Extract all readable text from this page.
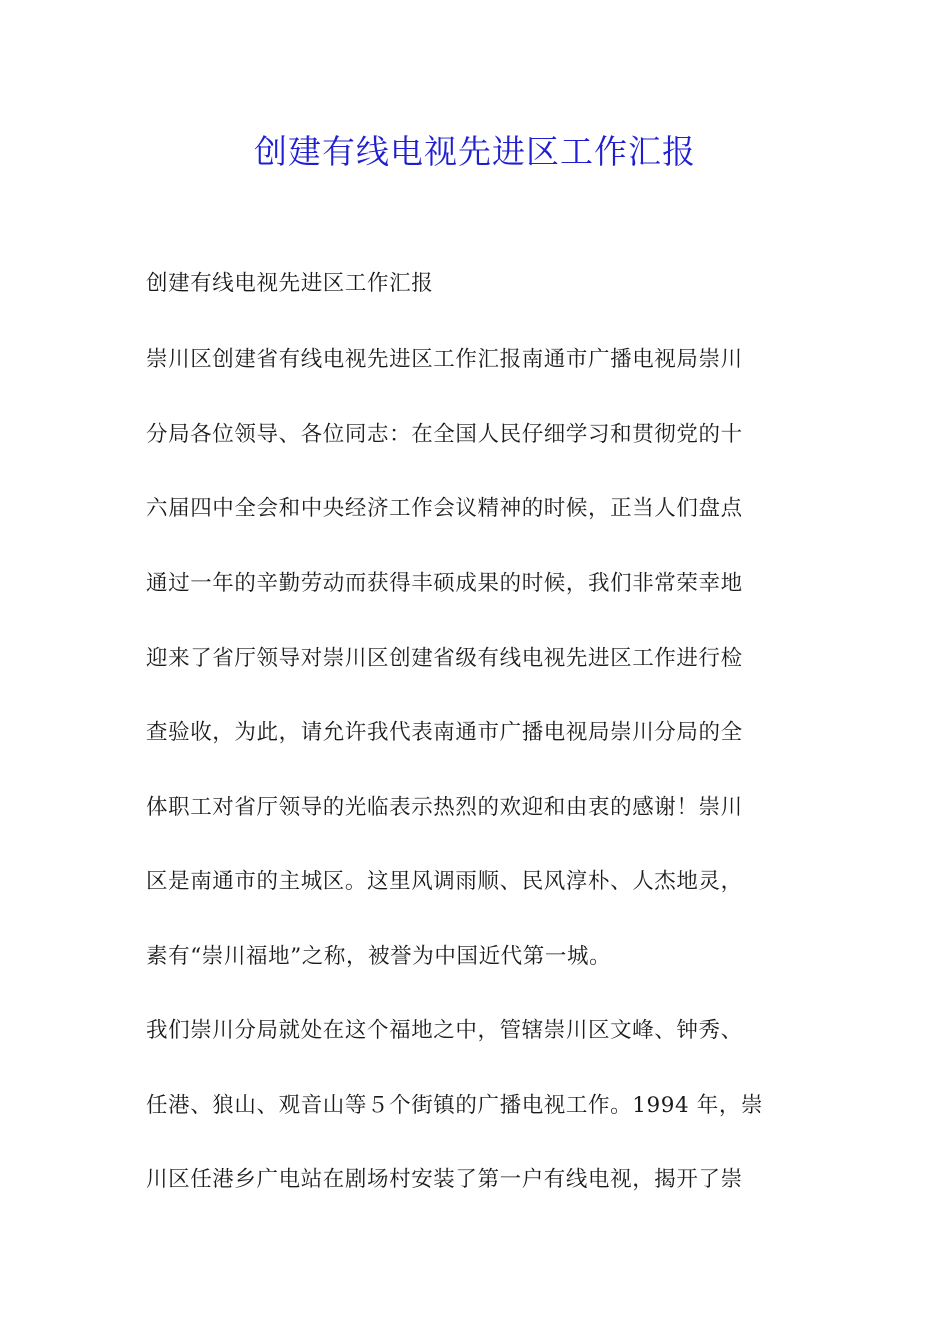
创建有线电视先进区工作汇报
创建有线电视先进区工作汇报
崇川区创建省有线电视先进区工作汇报南通市广播电视局崇川
分局各位领导、各位同志：在全国人民仔细学习和贯彻党的十
六届四中全会和中央经济工作会议精神的时候，正当人们盘点
通过一年的辛勤劳动而获得丰硕成果的时候，我们非常荣幸地
迎来了省厅领导对崇川区创建省级有线电视先进区工作进行检
查验收，为此，请允许我代表南通市广播电视局崇川分局的全
体职工对省厅领导的光临表示热烈的欢迎和由衷的感谢！崇川
区是南通市的主城区。这里风调雨顺、民风淳朴、人杰地灵，
素有“崇川福地”之称，被誉为中国近代第一城。
我们崇川分局就处在这个福地之中，管辖崇川区文峰、钟秀、
任港、狼山、观音山等５个街镇的广播电视工作。1994 年，崇
川区任港乡广电站在剧场村安装了第一户有线电视，揭开了崇
